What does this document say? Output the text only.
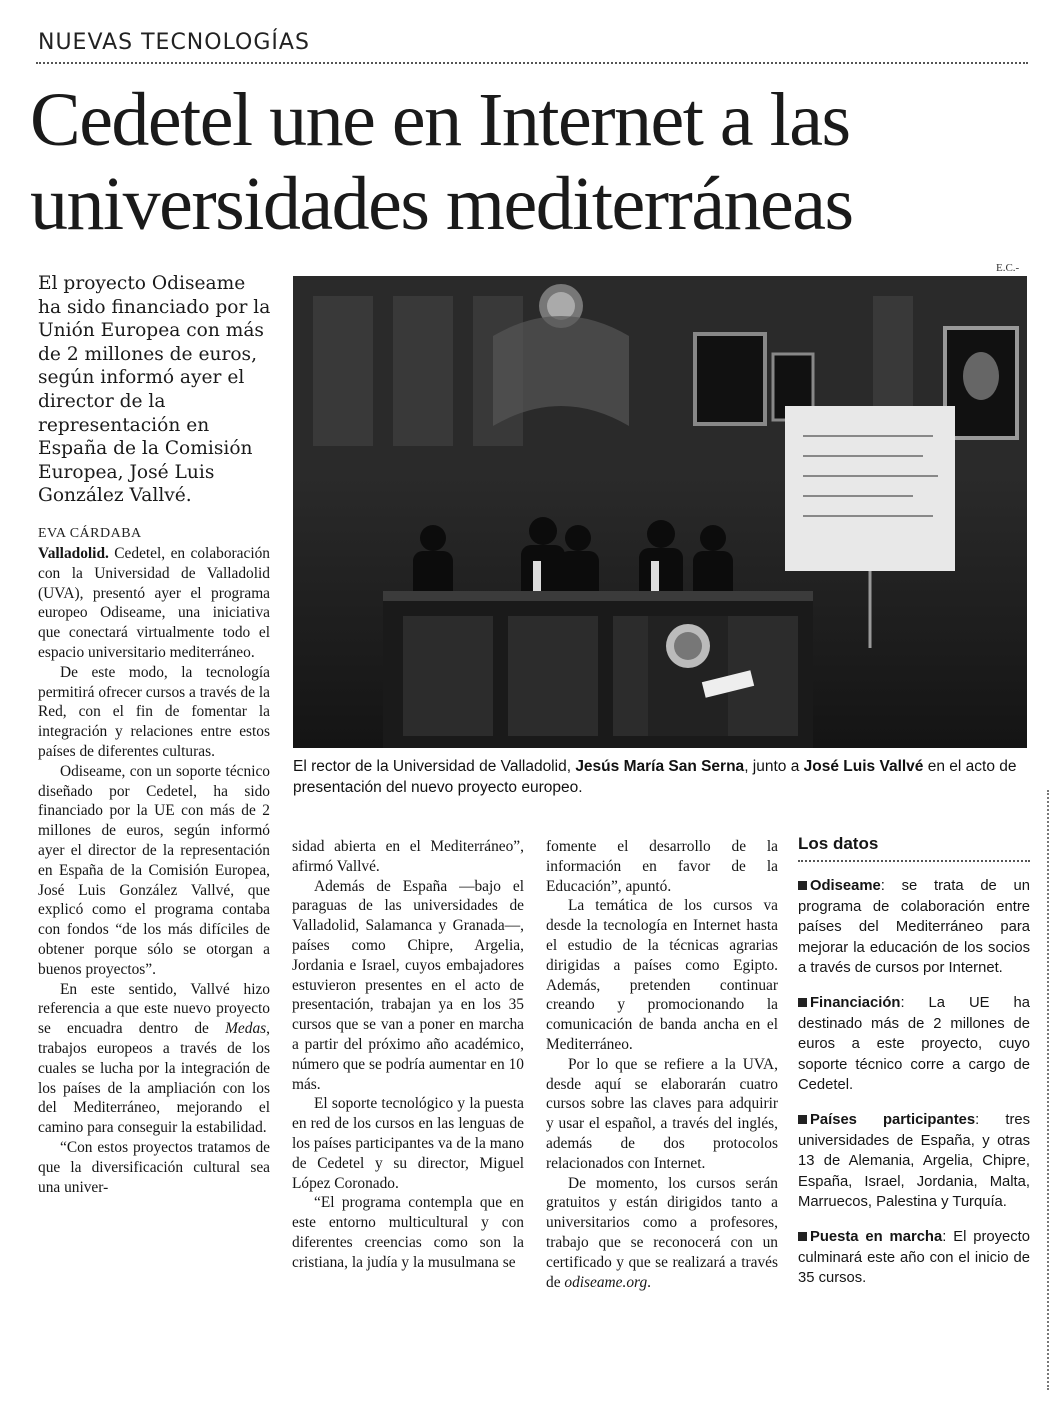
NUEVAS TECNOLOGÍAS
Cedetel une en Internet a las
universidades mediterráneas
El proyecto Odiseame ha sido financiado por la Unión Europea con más de 2 millones de euros, según informó ayer el director de la representación en España de la Comisión Europea, José Luis González Vallvé.
E.C.-
El rector de la Universidad de Valladolid, Jesús María San Serna, junto a José Luis Vallvé en el acto de presentación del nuevo proyecto europeo.
EVA CÁRDABA

Valladolid. Cedetel, en colaboración con la Universidad de Valladolid (UVA), presentó ayer el programa europeo Odiseame, una iniciativa que conectará virtualmente todo el espacio universitario mediterráneo.

De este modo, la tecnología permitirá ofrecer cursos a través de la Red, con el fin de fomentar la integración y relaciones entre estos países de diferentes culturas.

Odiseame, con un soporte técnico diseñado por Cedetel, ha sido financiado por la UE con más de 2 millones de euros, según informó ayer el director de la representación en España de la Comisión Europea, José Luis González Vallvé, que explicó como el programa contaba con fondos “de los más difíciles de obtener porque sólo se otorgan a buenos proyectos”.

En este sentido, Vallvé hizo referencia a que este nuevo proyecto se encuadra dentro de Medas, trabajos europeos a través de los cuales se lucha por la integración de los países de la ampliación con los del Mediterráneo, mejorando el camino para conseguir la estabilidad.

“Con estos proyectos tratamos de que la diversificación cultural sea una univer-

sidad abierta en el Mediterráneo”, afirmó Vallvé.

Además de España —bajo el paraguas de las universidades de Valladolid, Salamanca y Granada—, países como Chipre, Argelia, Jordania e Israel, cuyos embajadores estuvieron presentes en el acto de presentación, trabajan ya en los 35 cursos que se van a poner en marcha a partir del próximo año académico, número que se podría aumentar en 10 más.

El soporte tecnológico y la puesta en red de los cursos en las lenguas de los países participantes va de la mano de Cedetel y su director, Miguel López Coronado.

“El programa contempla que en este entorno multicultural y con diferentes creencias como son la cristiana, la judía y la musulmana se

fomente el desarrollo de la información en favor de la Educación”, apuntó.

La temática de los cursos va desde la tecnología en Internet hasta el estudio de la técnicas agrarias dirigidas a países como Egipto. Además, pretenden continuar creando y promocionando la comunicación de banda ancha en el Mediterráneo.

Por lo que se refiere a la UVA, desde aquí se elaborarán cuatro cursos sobre las claves para adquirir y usar el español, a través del inglés, además de dos protocolos relacionados con Internet.

De momento, los cursos serán gratuitos y están dirigidos tanto a universitarios como a profesores, trabajo que se reconocerá con un certificado y que se realizará a través de odiseame.org.

Los datos
Odiseame: se trata de un programa de colaboración entre países del Mediterráneo para mejorar la educación de los socios a través de cursos por Internet.
Financiación: La UE ha destinado más de 2 millones de euros a este proyecto, cuyo soporte técnico corre a cargo de Cedetel.
Países participantes: tres universidades de España, y otras 13 de Alemania, Argelia, Chipre, España, Israel, Jordania, Malta, Marruecos, Palestina y Turquía.
Puesta en marcha: El proyecto culminará este año con el inicio de 35 cursos.
